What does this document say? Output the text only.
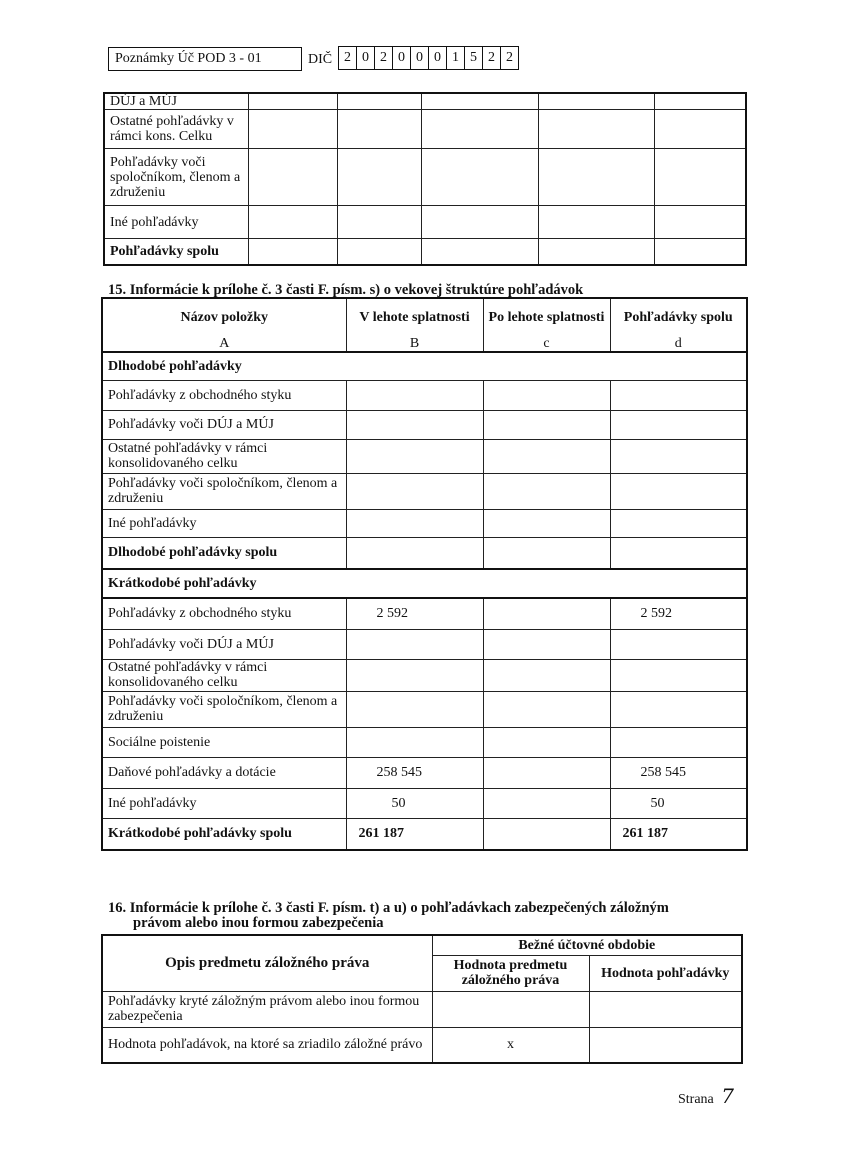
Poznámky Úč POD 3 - 01	DIČ 2 0 2 0 0 0 1 5 2 2
DÚJ a MÚJ					
Ostatné pohľadávky v rámci kons. Celku					
Pohľadávky voči spoločníkom, členom a združeniu					
Iné pohľadávky					
Pohľadávky spolu					
15. Informácie k prílohe č. 3 časti F. písm. s) o vekovej štruktúre pohľadávok
Názov položky	V lehote splatnosti	Po lehote splatnosti	Pohľadávky spolu
A	B	c	d
Dlhodobé pohľadávky			
Pohľadávky z obchodného styku			
Pohľadávky voči DÚJ a MÚJ			
Ostatné pohľadávky v rámci konsolidovaného celku			
Pohľadávky voči spoločníkom, členom a združeniu			
Iné pohľadávky			
Dlhodobé pohľadávky spolu			
Krátkodobé pohľadávky			
Pohľadávky z obchodného styku	2 592		2 592
Pohľadávky voči DÚJ a MÚJ			
Ostatné pohľadávky v rámci konsolidovaného celku			
Pohľadávky voči spoločníkom, členom a združeniu			
Sociálne poistenie			
Daňové pohľadávky a dotácie	258 545		258 545
Iné pohľadávky	50		50
Krátkodobé pohľadávky spolu	261 187		261 187
16. Informácie k prílohe č. 3 časti F. písm. t) a u) o pohľadávkach zabezpečených záložným
právom alebo inou formou zabezpečenia
Opis predmetu záložného práva	Bežné účtovné obdobie	
	Hodnota predmetu záložného práva	Hodnota pohľadávky
Pohľadávky kryté záložným právom alebo inou formou zabezpečenia		
Hodnota pohľadávok, na ktoré sa zriadilo záložné právo	x	
Strana 7
